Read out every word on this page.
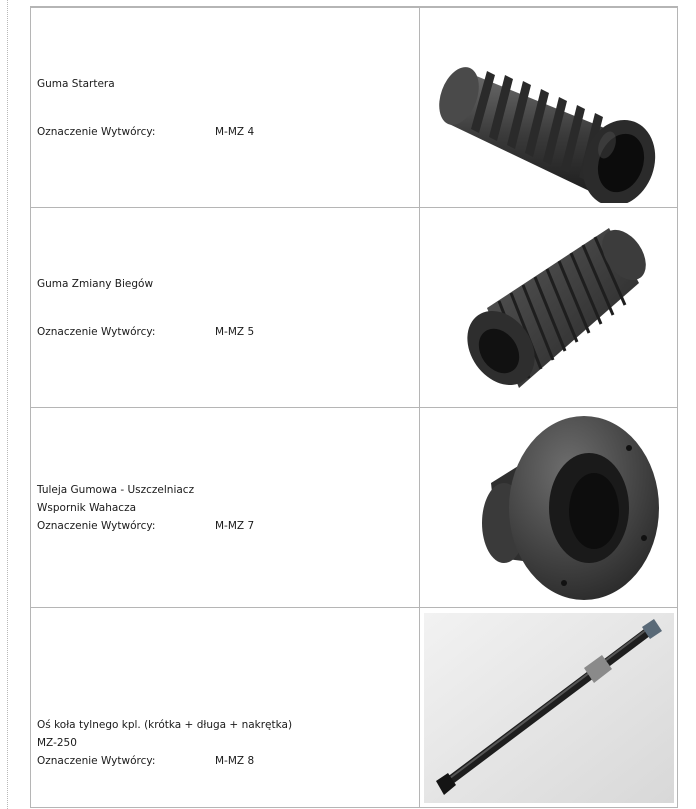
Guma Startera
Oznaczenie Wytwórcy: M-MZ 4

Guma Zmiany Biegów
Oznaczenie Wytwórcy: M-MZ 5

Tuleja Gumowa - Uszczelniacz
Wspornik Wahacza
Oznaczenie Wytwórcy: M-MZ 7

Oś koła tylnego kpl. (krótka + długa + nakrętka)
MZ-250
Oznaczenie Wytwórcy: M-MZ 8
